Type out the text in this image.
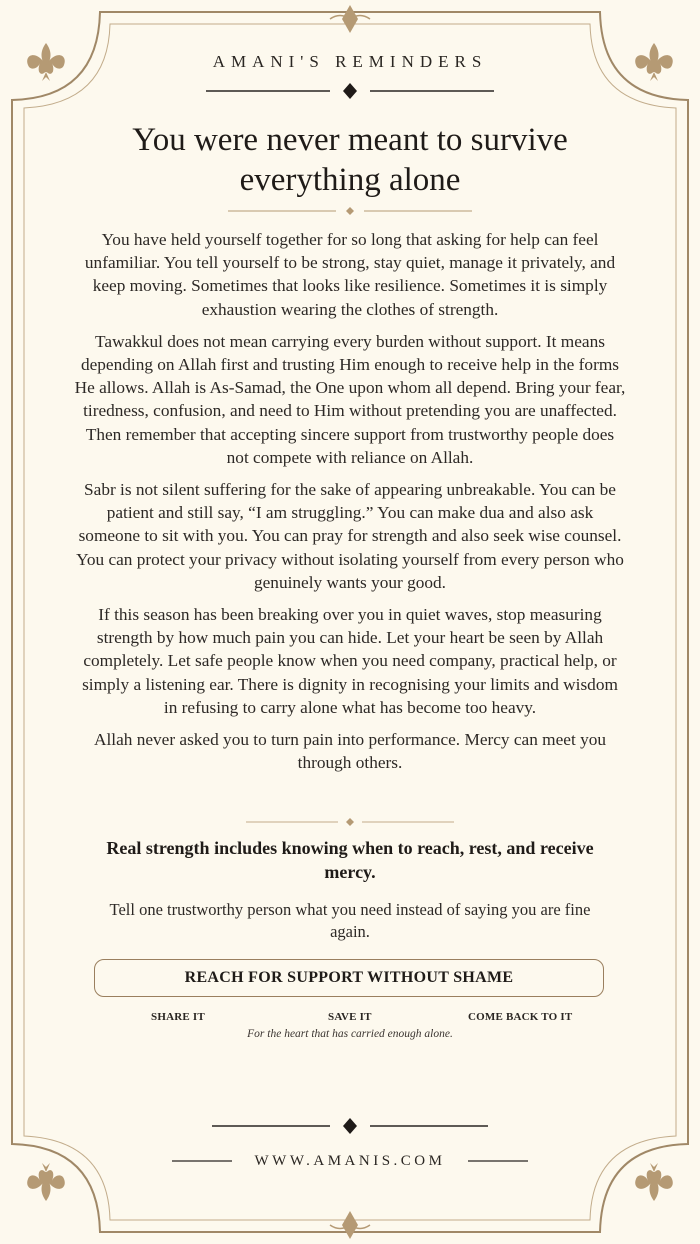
AMANI'S REMINDERS
You were never meant to survive everything alone

You have held yourself together for so long that asking for help can feel unfamiliar. You tell yourself to be strong, stay quiet, manage it privately, and keep moving. Sometimes that looks like resilience. Sometimes it is simply exhaustion wearing the clothes of strength.

Tawakkul does not mean carrying every burden without support. It means depending on Allah first and trusting Him enough to receive help in the forms He allows. Allah is As-Samad, the One upon whom all depend. Bring your fear, tiredness, confusion, and need to Him without pretending you are unaffected. Then remember that accepting sincere support from trustworthy people does not compete with reliance on Allah.

Sabr is not silent suffering for the sake of appearing unbreakable. You can be patient and still say, “I am struggling.” You can make dua and also ask someone to sit with you. You can pray for strength and also seek wise counsel. You can protect your privacy without isolating yourself from every person who genuinely wants your good.

If this season has been breaking over you in quiet waves, stop measuring strength by how much pain you can hide. Let your heart be seen by Allah completely. Let safe people know when you need company, practical help, or simply a listening ear. There is dignity in recognising your limits and wisdom in refusing to carry alone what has become too heavy.

Allah never asked you to turn pain into performance. Mercy can meet you through others.

Real strength includes knowing when to reach, rest, and receive mercy.
Tell one trustworthy person what you need instead of saying you are fine again.
REACH FOR SUPPORT WITHOUT SHAME
SHARE IT	SAVE IT	COME BACK TO IT
For the heart that has carried enough alone.
WWW.AMANIS.COM
